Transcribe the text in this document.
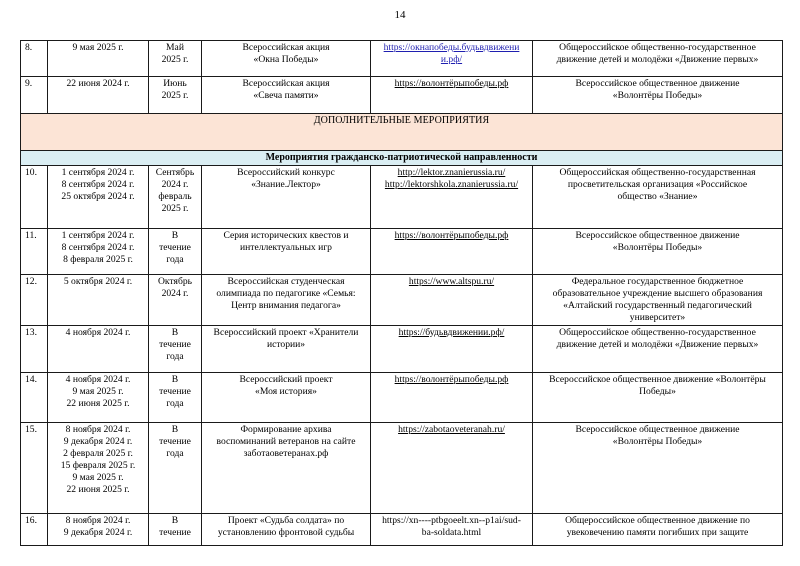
14
8.	9 мая 2025 г.	Май
2025 г.	Всероссийская акция
«Окна Победы»	https://окнапобеды.будьвдвижени
и.рф/	Общероссийское общественно-государственное
движение детей и молодёжи «Движение первых»

9.	22 июня 2024 г.	Июнь
2025 г.	Всероссийская акция
«Свеча памяти»	https://волонтёрыпобеды.рф	Всероссийское общественное движение
«Волонтёры Победы»

ДОПОЛНИТЕЛЬНЫЕ МЕРОПРИЯТИЯ					
Мероприятия гражданско-патриотической направленности					
10.	1 сентября 2024 г.
8 сентября 2024 г.
25 октября 2024 г.	Сентябрь
2024 г.
февраль
2025 г.	Всероссийский конкурс
«Знание.Лектор»	http://lektor.znanierussia.ru/
http://lektorshkola.znanierussia.ru/	Общероссийская общественно-государственная
просветительская организация «Российское
общество «Знание»

11.	1 сентября 2024 г.
8 сентября 2024 г.
8 февраля 2025 г.	В
течение
года	Серия исторических квестов и
интеллектуальных игр	https://волонтёрыпобеды.рф	Всероссийское общественное движение
«Волонтёры Победы»

12.	5 октября 2024 г.	Октябрь
2024 г.	Всероссийская студенческая
олимпиада по педагогике «Семья:
Центр внимания педагога»	https://www.altspu.ru/	Федеральное государственное бюджетное
образовательное учреждение высшего образования
«Алтайский государственный педагогический
университет»

13.	4 ноября 2024 г.	В
течение
года	Всероссийский проект «Хранители
истории»	https://будьвдвижении.рф/	Общероссийское общественно-государственное
движение детей и молодёжи «Движение первых»

14.	4 ноября 2024 г.
9 мая 2025 г.
22 июня 2025 г.	В
течение
года	Всероссийский проект
«Моя история»	https://волонтёрыпобеды.рф	Всероссийское общественное движение «Волонтёры
Победы»

15.	8 ноября 2024 г.
9 декабря 2024 г.
2 февраля 2025 г.
15 февраля 2025 г.
9 мая 2025 г.
22 июня 2025 г.

В
течение
года

Формирование архива
воспоминаний ветеранов на сайте
заботаоветеранах.рф

https://zabotaoveteranah.ru/	Всероссийское общественное движение
«Волонтёры Победы»

16.	8 ноября 2024 г.
9 декабря 2024 г.	В
течение	Проект «Судьба солдата» по
установлению фронтовой судьбы	https://xn----ptbgoeelt.xn--p1ai/sud-
ba-soldata.html	Общероссийское общественное движение по
увековечению памяти погибших при защите
